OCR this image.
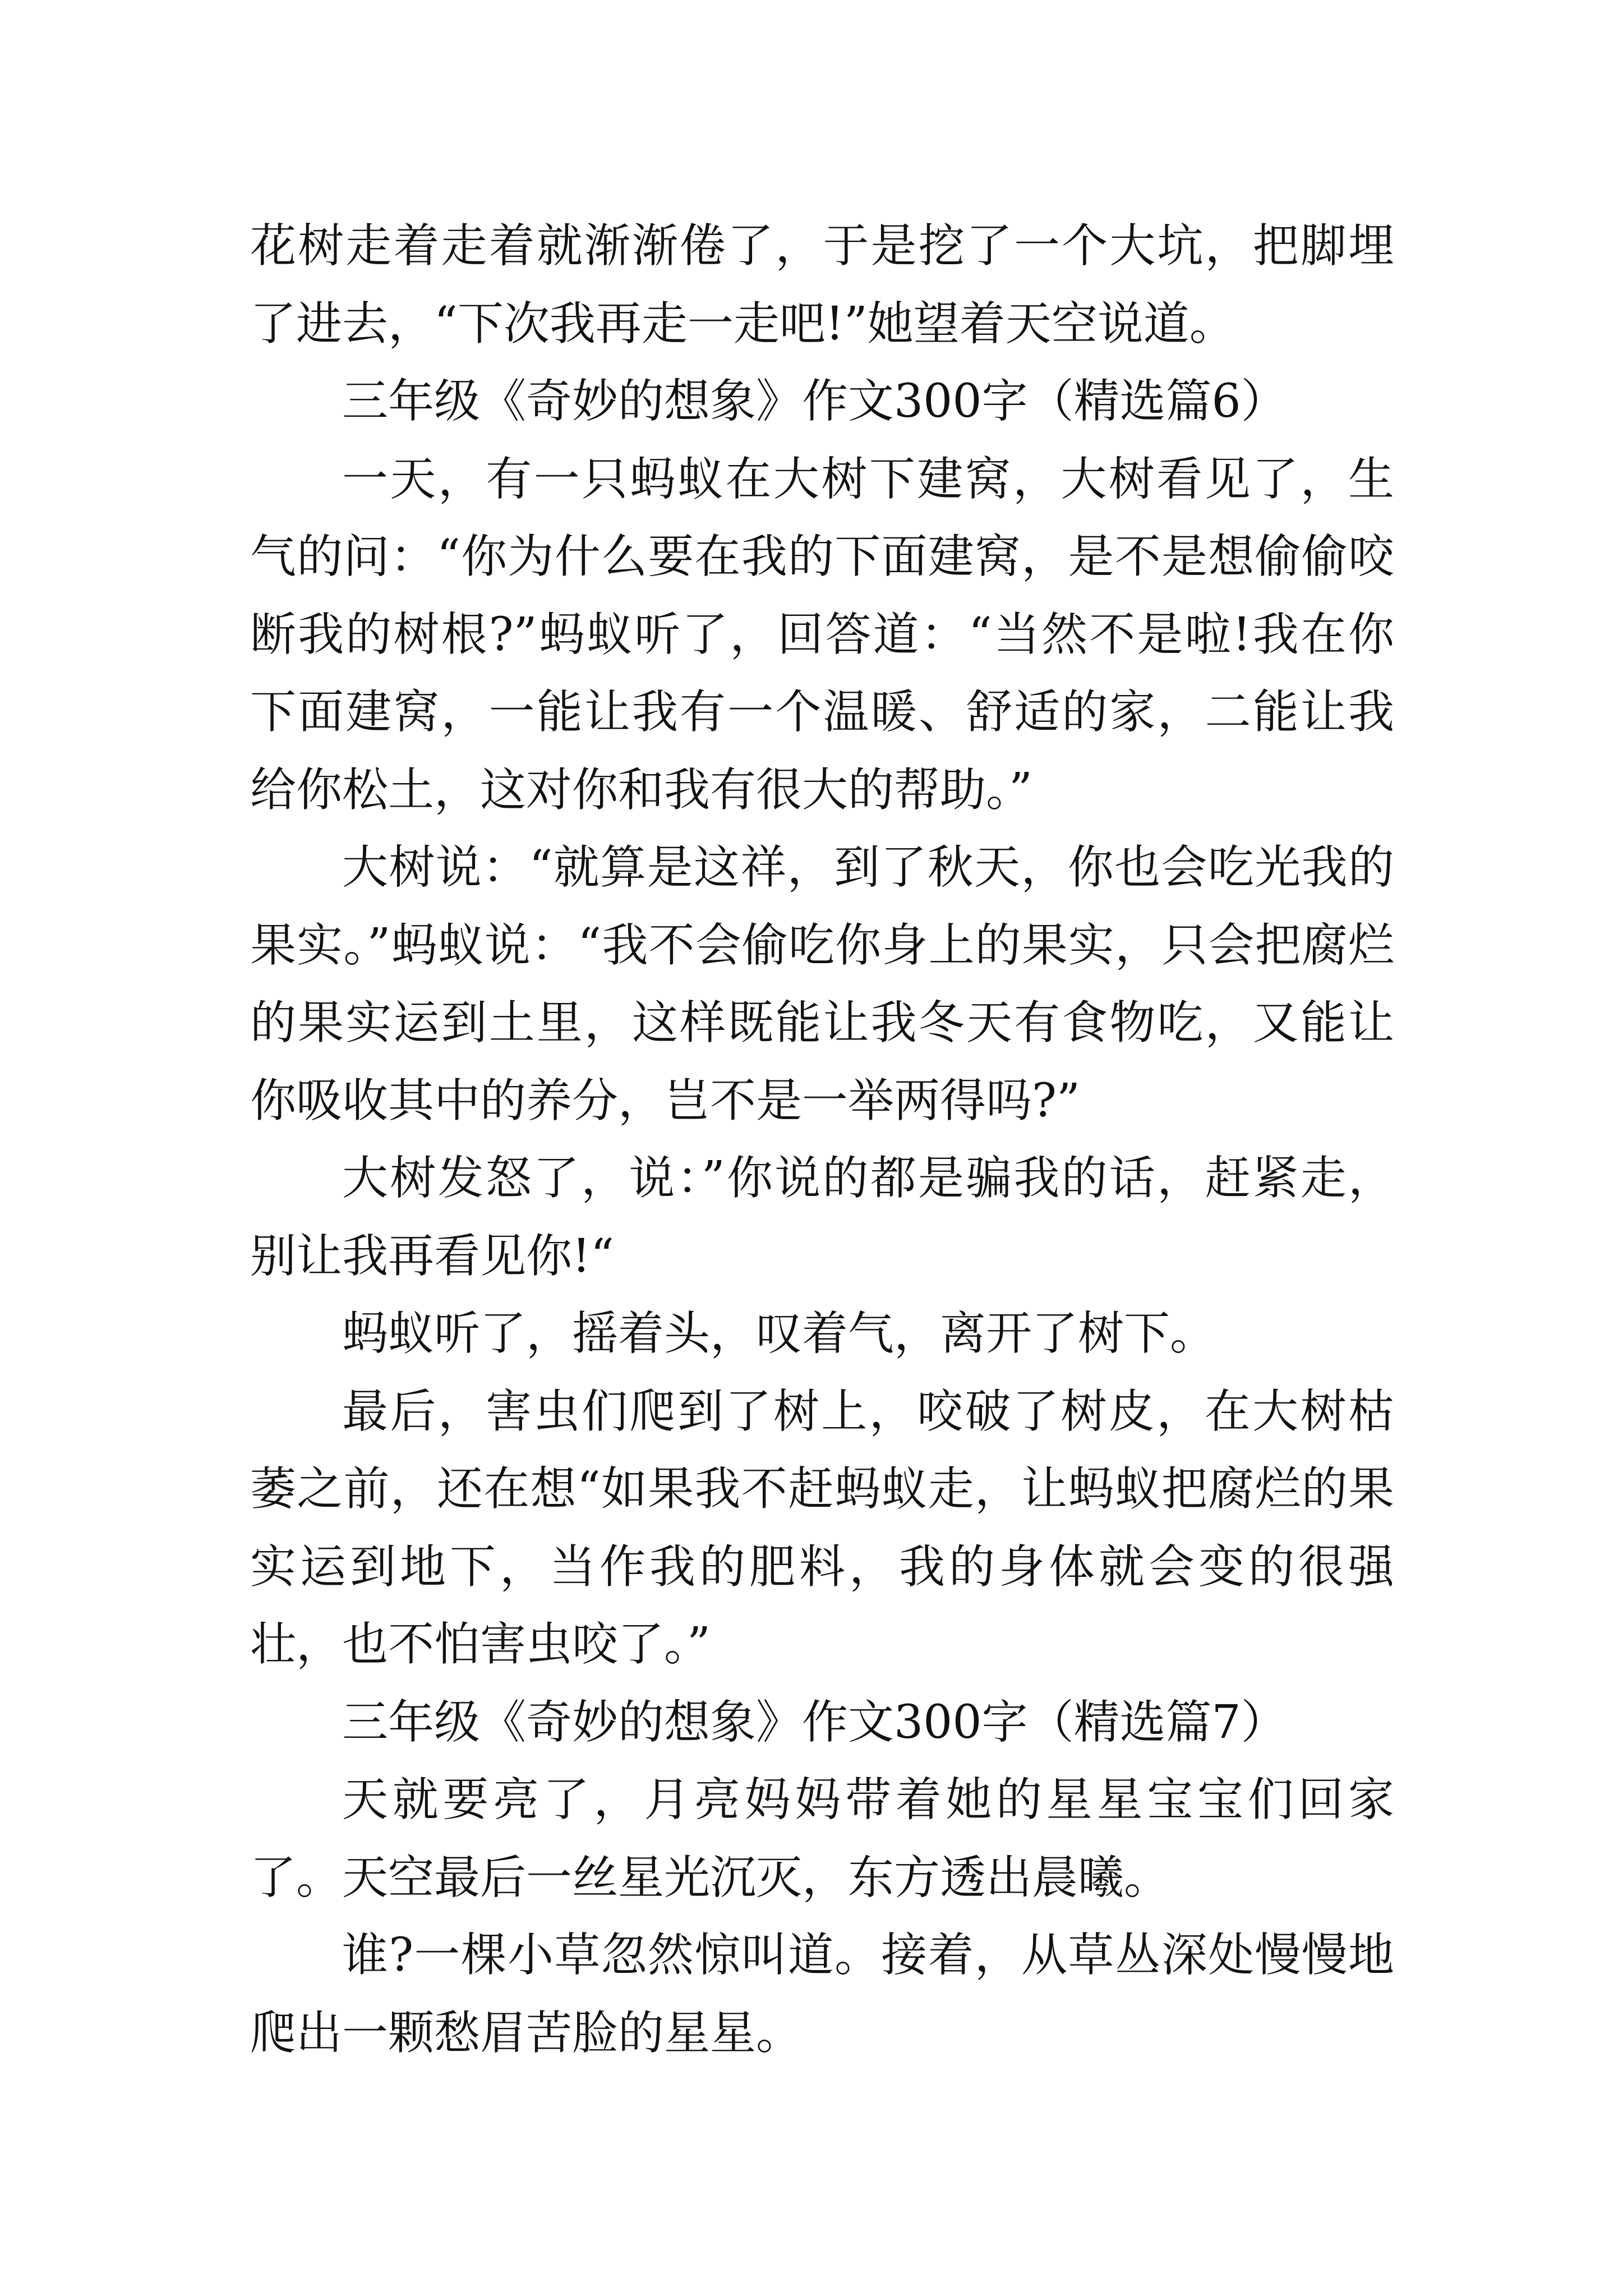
花树走着走着就渐渐倦了，于是挖了一个大坑，把脚埋了进去，“下次我再走一走吧!”她望着天空说道。

三年级《奇妙的想象》作文300字（精选篇6）

一天，有一只蚂蚁在大树下建窝，大树看见了，生气的问：“你为什么要在我的下面建窝，是不是想偷偷咬断我的树根?”蚂蚁听了，回答道：“当然不是啦!我在你下面建窝，一能让我有一个温暖、舒适的家，二能让我给你松土，这对你和我有很大的帮助。”

大树说：“就算是这祥，到了秋天，你也会吃光我的果实。”蚂蚁说：“我不会偷吃你身上的果实，只会把腐烂的果实运到土里，这样既能让我冬天有食物吃，又能让你吸收其中的养分，岂不是一举两得吗?”

大树发怒了，说：”你说的都是骗我的话，赶紧走，别让我再看见你!“

蚂蚁听了，摇着头，叹着气，离开了树下。

最后，害虫们爬到了树上，咬破了树皮，在大树枯萎之前，还在想“如果我不赶蚂蚁走，让蚂蚁把腐烂的果实运到地下，当作我的肥料，我的身体就会变的很强壮，也不怕害虫咬了。”

三年级《奇妙的想象》作文300字（精选篇7）

天就要亮了，月亮妈妈带着她的星星宝宝们回家了。天空最后一丝星光沉灭，东方透出晨曦。

谁?一棵小草忽然惊叫道。接着，从草丛深处慢慢地爬出一颗愁眉苦脸的星星。
